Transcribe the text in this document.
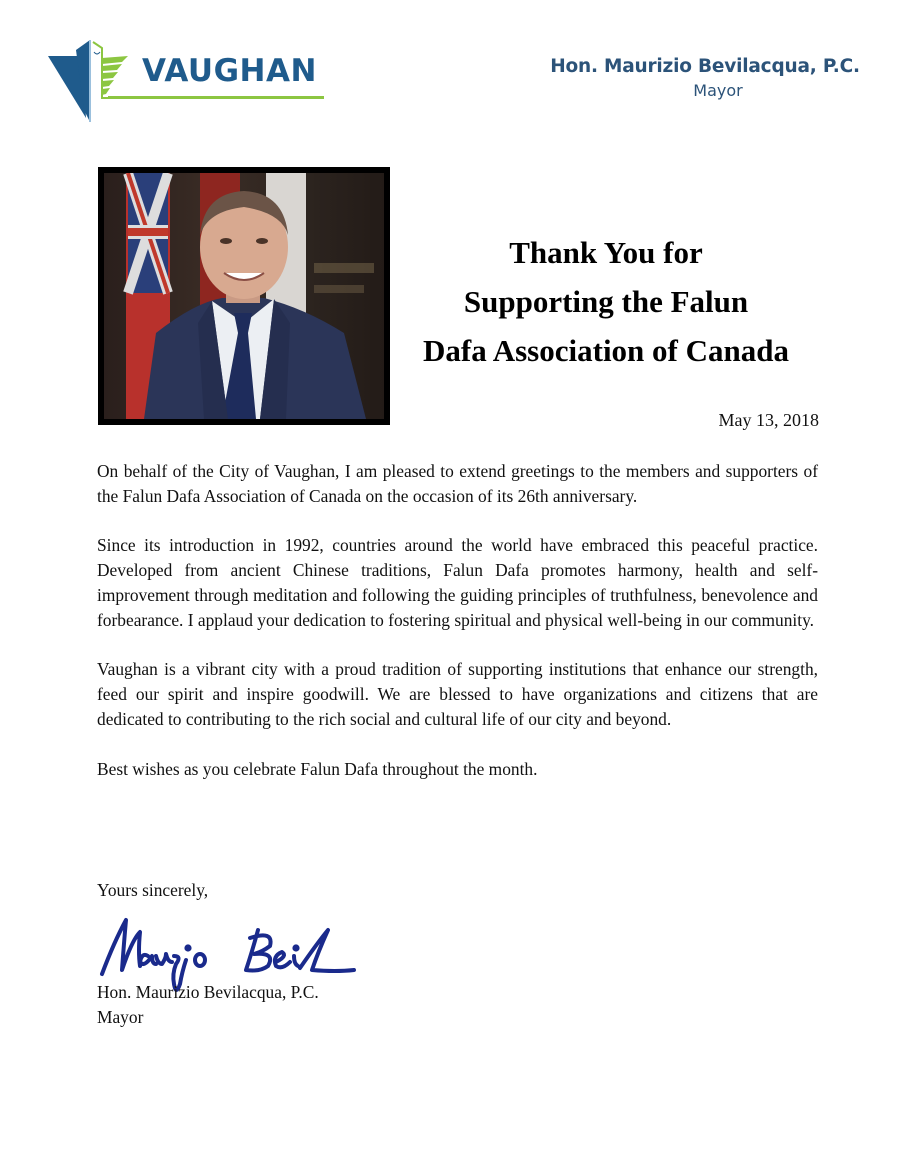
VAUGHAN	Hon. Maurizio Bevilacqua, P.C.
Mayor
Thank You for
Supporting the Falun
Dafa Association of Canada
May 13, 2018

On behalf of the City of Vaughan, I am pleased to extend greetings to the members and supporters of the Falun Dafa Association of Canada on the occasion of its 26th anniversary.

Since its introduction in 1992, countries around the world have embraced this peaceful practice. Developed from ancient Chinese traditions, Falun Dafa promotes harmony, health and self-improvement through meditation and following the guiding principles of truthfulness, benevolence and forbearance. I applaud your dedication to fostering spiritual and physical well-being in our community.

Vaughan is a vibrant city with a proud tradition of supporting institutions that enhance our strength, feed our spirit and inspire goodwill. We are blessed to have organizations and citizens that are dedicated to contributing to the rich social and cultural life of our city and beyond.

Best wishes as you celebrate Falun Dafa throughout the month.

Yours sincerely,
Hon. Maurizio Bevilacqua, P.C.
Mayor
